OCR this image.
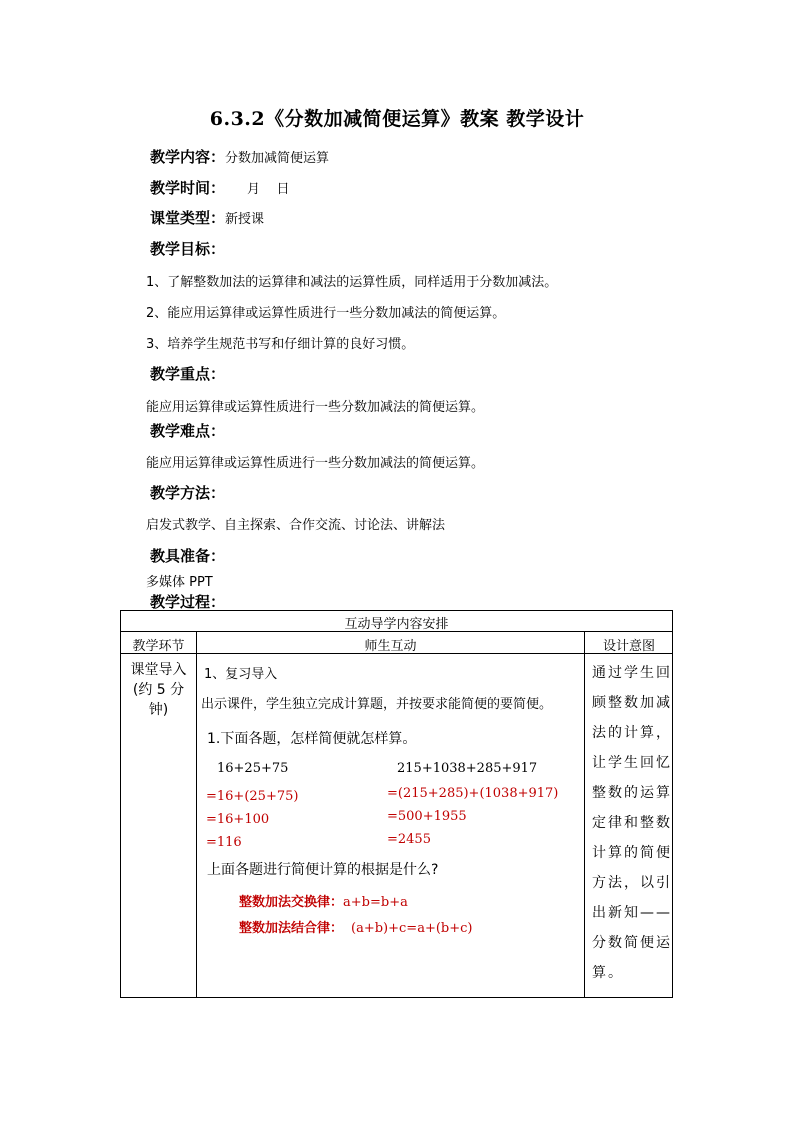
6.3.2《分数加减简便运算》教案 教学设计
教学内容：分数加减简便运算
教学时间： 月    日
课堂类型：新授课
教学目标：
1、了解整数加法的运算律和减法的运算性质，同样适用于分数加减法。
2、能应用运算律或运算性质进行一些分数加减法的简便运算。
3、培养学生规范书写和仔细计算的良好习惯。
教学重点：
能应用运算律或运算性质进行一些分数加减法的简便运算。
教学难点：
能应用运算律或运算性质进行一些分数加减法的简便运算。
教学方法：
启发式教学、自主探索、合作交流、讨论法、讲解法
教具准备：
多媒体 PPT
教学过程：
互动导学内容安排
教学环节	师生互动	设计意图
课堂导入
(约 5 分
钟)
1、复习导入
出示课件，学生独立完成计算题，并按要求能简便的要简便。
1.下面各题，怎样简便就怎样算。
16+25+75
=16+(25+75)
=16+100
=116
215+1038+285+917
=(215+285)+(1038+917)
=500+1955
=2455
上面各题进行简便计算的根据是什么?
整数加法交换律：a+b=b+a
整数加法结合律： (a+b)+c=a+(b+c)
通过学生回
顾整数加减
法的计算，
让学生回忆
整数的运算
定律和整数
计算的简便
方法，以引
出新知——
分数简便运
算。
